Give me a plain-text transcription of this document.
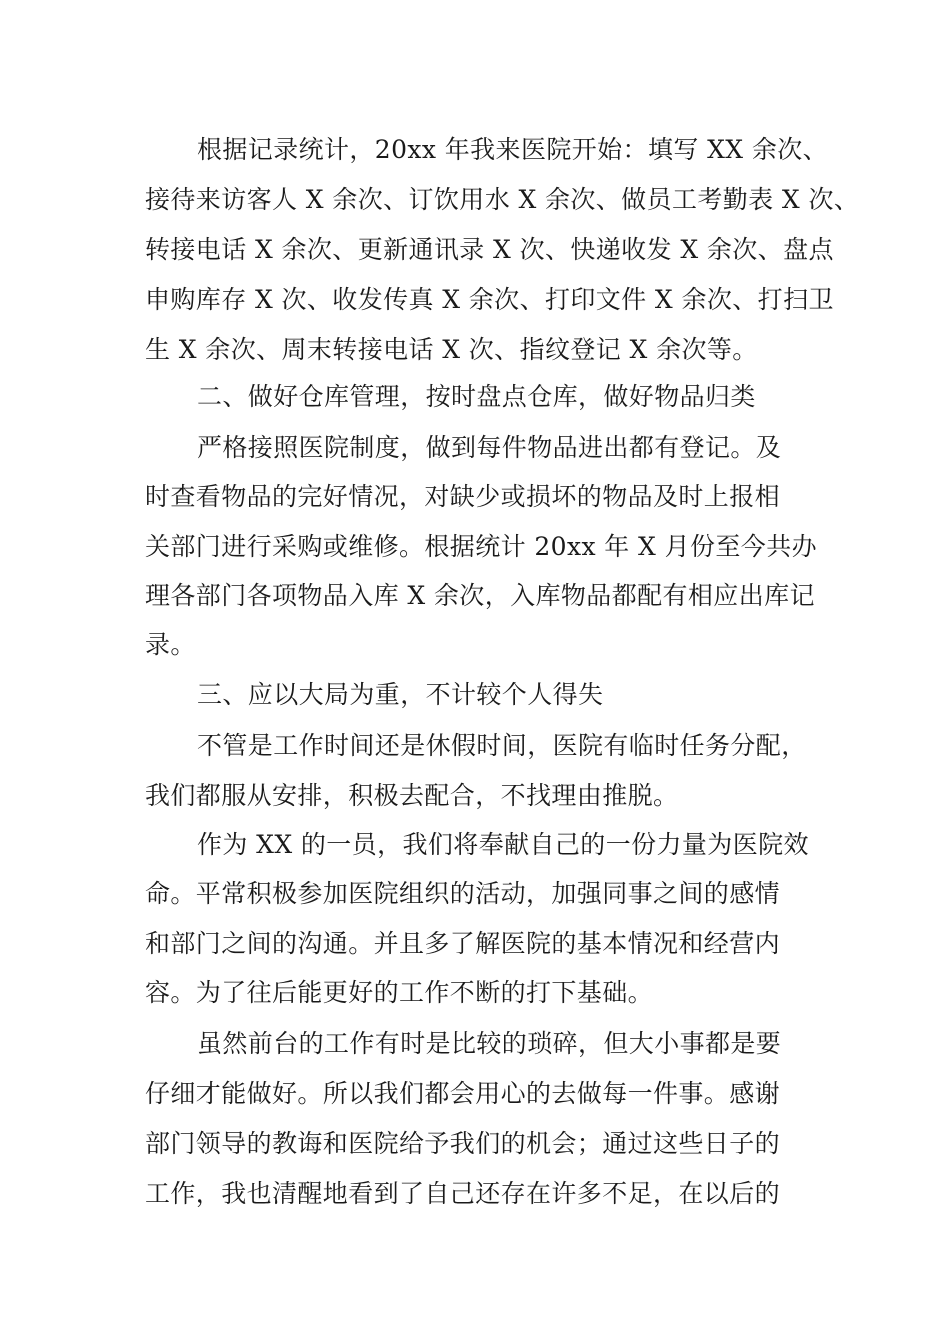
根据记录统计，20xx 年我来医院开始：填写 XX 余次、

接待来访客人 X 余次、订饮用水 X 余次、做员工考勤表 X 次、

转接电话 X 余次、更新通讯录 X 次、快递收发 X 余次、盘点

申购库存 X 次、收发传真 X 余次、打印文件 X 余次、打扫卫

生 X 余次、周末转接电话 X 次、指纹登记 X 余次等。

二、做好仓库管理，按时盘点仓库，做好物品归类

严格接照医院制度，做到每件物品进出都有登记。及

时查看物品的完好情况，对缺少或损坏的物品及时上报相

关部门进行采购或维修。根据统计 20xx 年 X 月份至今共办

理各部门各项物品入库 X 余次，入库物品都配有相应出库记

录。

三、应以大局为重，不计较个人得失

不管是工作时间还是休假时间，医院有临时任务分配，

我们都服从安排，积极去配合，不找理由推脱。

作为 XX 的一员，我们将奉献自己的一份力量为医院效

命。平常积极参加医院组织的活动，加强同事之间的感情

和部门之间的沟通。并且多了解医院的基本情况和经营内

容。为了往后能更好的工作不断的打下基础。

虽然前台的工作有时是比较的琐碎，但大小事都是要

仔细才能做好。所以我们都会用心的去做每一件事。感谢

部门领导的教诲和医院给予我们的机会；通过这些日子的

工作，我也清醒地看到了自己还存在许多不足，在以后的
